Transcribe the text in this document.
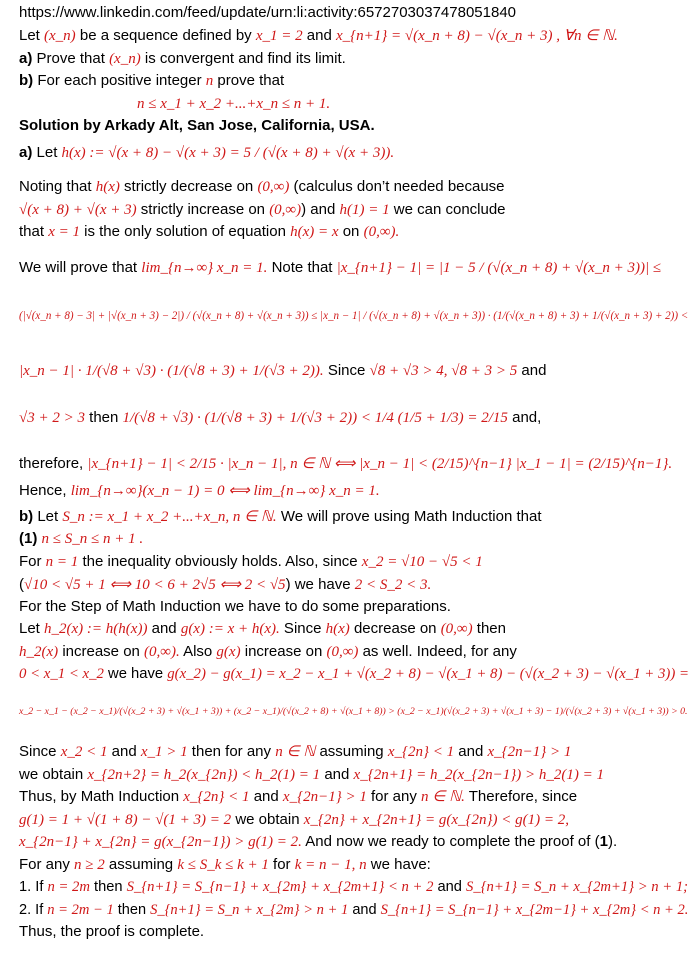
https://www.linkedin.com/feed/update/urn:li:activity:6572703037478051840
Let (x_n) be a sequence defined by x_1 = 2 and x_{n+1} = √(x_n + 8) − √(x_n + 3) , ∀n ∈ ℕ.
a) Prove that (x_n) is convergent and find its limit.
b) For each positive integer n prove that
n ≤ x_1 + x_2 +...+x_n ≤ n + 1.
Solution by Arkady Alt, San Jose, California, USA.
a) Let h(x) := √(x + 8) − √(x + 3) = 5 / (√(x + 8) + √(x + 3)).
Noting that h(x) strictly decrease on (0,∞) (calculus don’t needed because
√(x + 8) + √(x + 3) strictly increase on (0,∞)) and h(1) = 1 we can conclude
that x = 1 is the only solution of equation h(x) = x on (0,∞).
We will prove that lim_{n→∞} x_n = 1. Note that |x_{n+1} − 1| = |1 − 5 / (√(x_n + 8) + √(x_n + 3))| ≤
(|√(x_n + 8) − 3| + |√(x_n + 3) − 2|) / (√(x_n + 8) + √(x_n + 3)) ≤ |x_n − 1| / (√(x_n + 8) + √(x_n + 3)) · (1/(√(x_n + 8) + 3) + 1/(√(x_n + 3) + 2)) <
|x_n − 1| · 1/(√8 + √3) · (1/(√8 + 3) + 1/(√3 + 2)). Since √8 + √3 > 4, √8 + 3 > 5 and
√3 + 2 > 3 then 1/(√8 + √3) · (1/(√8 + 3) + 1/(√3 + 2)) < 1/4 (1/5 + 1/3) = 2/15 and,
therefore, |x_{n+1} − 1| < 2/15 · |x_n − 1|, n ∈ ℕ ⟺ |x_n − 1| < (2/15)^{n−1} |x_1 − 1| = (2/15)^{n−1}.
Hence, lim_{n→∞}(x_n − 1) = 0 ⟺ lim_{n→∞} x_n = 1.
b) Let S_n := x_1 + x_2 +...+x_n, n ∈ ℕ. We will prove using Math Induction that
(1) n ≤ S_n ≤ n + 1 .
For n = 1 the inequality obviously holds. Also, since x_2 = √10 − √5 < 1
(√10 < √5 + 1 ⟺ 10 < 6 + 2√5 ⟺ 2 < √5) we have 2 < S_2 < 3.
For the Step of Math Induction we have to do some preparations.
Let h_2(x) := h(h(x)) and g(x) := x + h(x). Since h(x) decrease on (0,∞) then
h_2(x) increase on (0,∞). Also g(x) increase on (0,∞) as well. Indeed, for any
0 < x_1 < x_2 we have g(x_2) − g(x_1) = x_2 − x_1 + √(x_2 + 8) − √(x_1 + 8) − (√(x_2 + 3) − √(x_1 + 3)) =
x_2 − x_1 − (x_2 − x_1)/(√(x_2 + 3) + √(x_1 + 3)) + (x_2 − x_1)/(√(x_2 + 8) + √(x_1 + 8)) > (x_2 − x_1)(√(x_2 + 3) + √(x_1 + 3) − 1)/(√(x_2 + 3) + √(x_1 + 3)) > 0.
Since x_2 < 1 and x_1 > 1 then for any n ∈ ℕ assuming x_{2n} < 1 and x_{2n−1} > 1
we obtain x_{2n+2} = h_2(x_{2n}) < h_2(1) = 1 and x_{2n+1} = h_2(x_{2n−1}) > h_2(1) = 1
Thus, by Math Induction x_{2n} < 1 and x_{2n−1} > 1 for any n ∈ ℕ. Therefore, since
g(1) = 1 + √(1 + 8) − √(1 + 3) = 2 we obtain x_{2n} + x_{2n+1} = g(x_{2n}) < g(1) = 2,
x_{2n−1} + x_{2n} = g(x_{2n−1}) > g(1) = 2. And now we ready to complete the proof of (1).
For any n ≥ 2 assuming k ≤ S_k ≤ k + 1 for k = n − 1, n we have:
1. If n = 2m then S_{n+1} = S_{n−1} + x_{2m} + x_{2m+1} < n + 2 and S_{n+1} = S_n + x_{2m+1} > n + 1;
2. If n = 2m − 1 then S_{n+1} = S_n + x_{2m} > n + 1 and S_{n+1} = S_{n−1} + x_{2m−1} + x_{2m} < n + 2.
Thus, the proof is complete.
